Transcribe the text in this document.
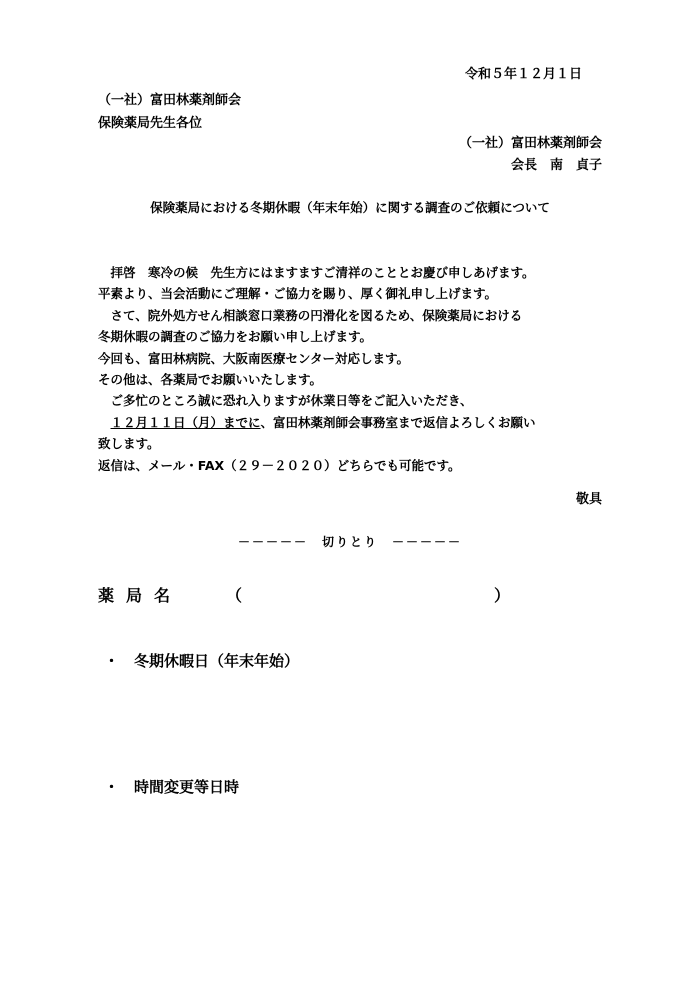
令和５年１２月１日
（一社）富田林薬剤師会
保険薬局先生各位
（一社）富田林薬剤師会
会長　南　貞子
保険薬局における冬期休暇（年末年始）に関する調査のご依頼について

　拝啓　寒冷の候　先生方にはますますご清祥のこととお慶び申しあげます。

平素より、当会活動にご理解・ご協力を賜り、厚く御礼申し上げます。

　さて、院外処方せん相談窓口業務の円滑化を図るため、保険薬局における

冬期休暇の調査のご協力をお願い申し上げます。

今回も、富田林病院、大阪南医療センター対応します。

その他は、各薬局でお願いいたします。

　ご多忙のところ誠に恐れ入りますが休業日等をご記入いただき、

　１２月１１日（月）までに、富田林薬剤師会事務室まで返信よろしくお願い

致します。

返信は、メール・FAX（２９－２０２０）どちらでも可能です。

敬具
－－－－－　切りとり　－－－－－
薬局名	（	）
・ 冬期休暇日（年末年始）
・ 時間変更等日時
